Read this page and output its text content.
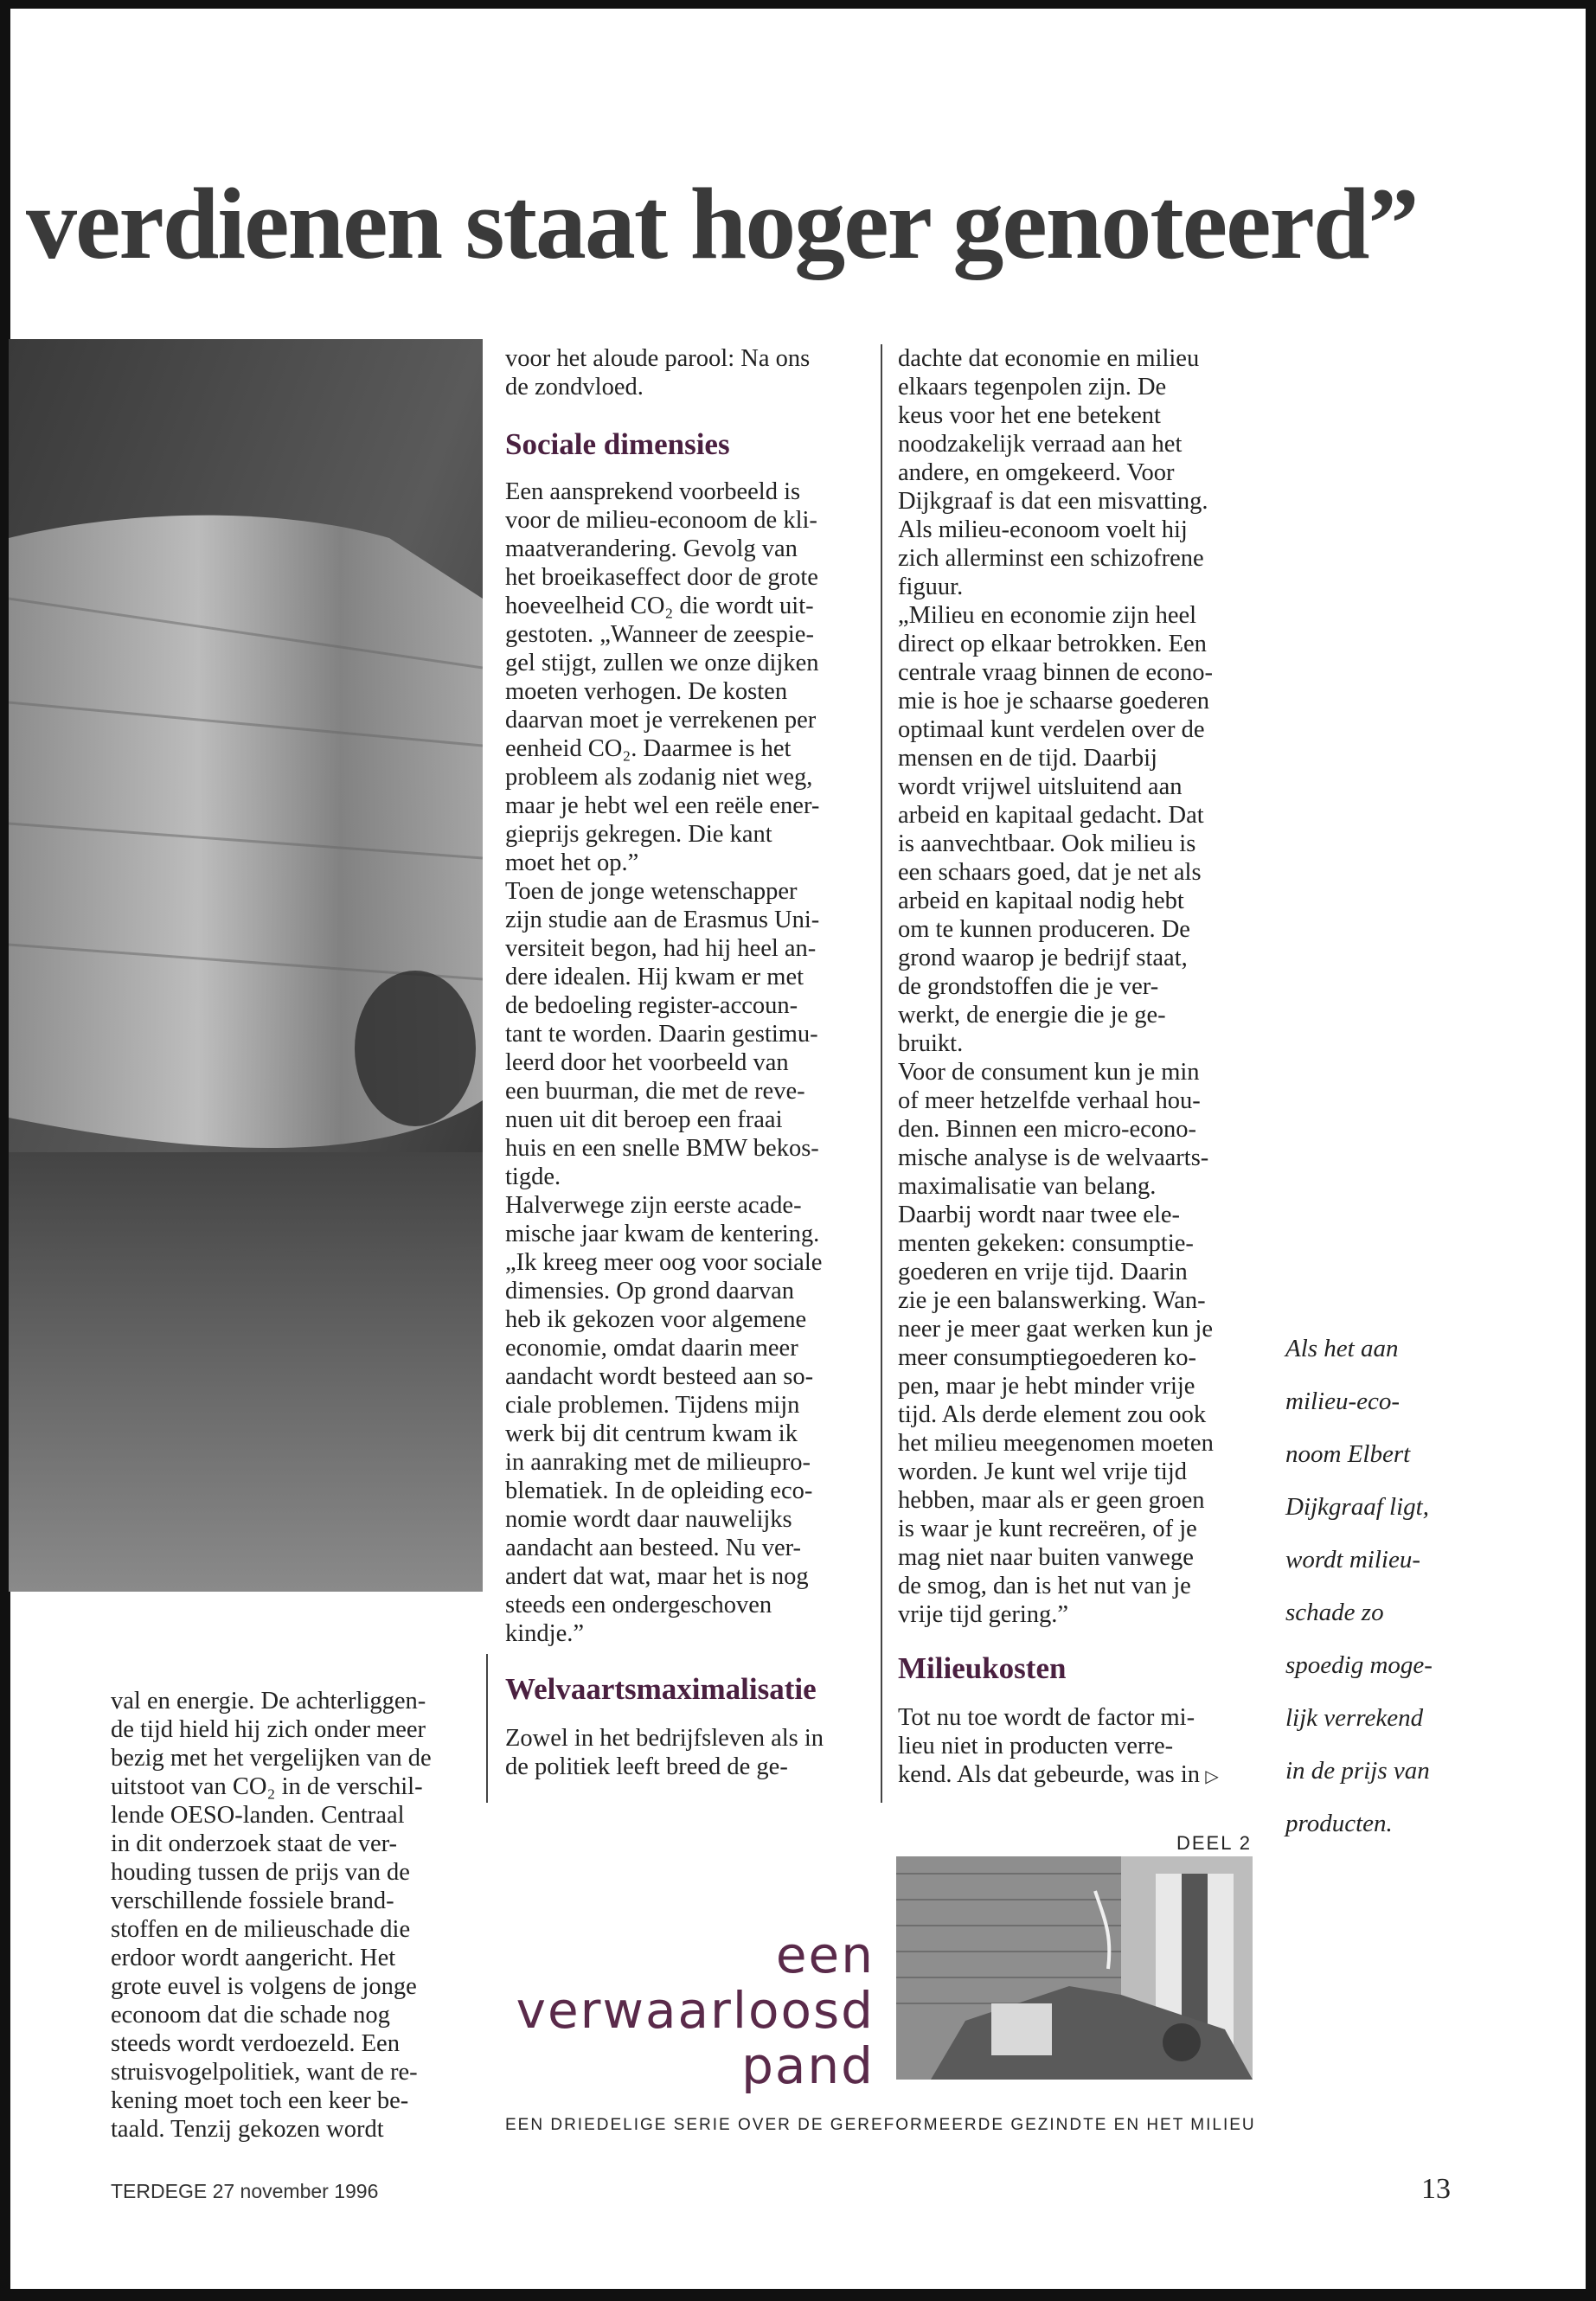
verdienen staat hoger genoteerd”

val en energie. De achterliggen-

de tijd hield hij zich onder meer

bezig met het vergelijken van de

uitstoot van CO₂ in de verschil-

lende OESO-landen. Centraal

in dit onderzoek staat de ver-

houding tussen de prijs van de

verschillende fossiele brand-

stoffen en de milieuschade die

erdoor wordt aangericht. Het

grote euvel is volgens de jonge

econoom dat die schade nog

steeds wordt verdoezeld. Een

struisvogelpolitiek, want de re-

kening moet toch een keer be-

taald. Tenzij gekozen wordt

voor het aloude parool: Na ons

de zondvloed.

Sociale dimensies

Een aansprekend voorbeeld is

voor de milieu-econoom de kli-

maatverandering. Gevolg van

het broeikaseffect door de grote

hoeveelheid CO₂ die wordt uit-

gestoten. „Wanneer de zeespie-

gel stijgt, zullen we onze dijken

moeten verhogen. De kosten

daarvan moet je verrekenen per

eenheid CO₂. Daarmee is het

probleem als zodanig niet weg,

maar je hebt wel een reële ener-

gieprijs gekregen. Die kant

moet het op.”

Toen de jonge wetenschapper

zijn studie aan de Erasmus Uni-

versiteit begon, had hij heel an-

dere idealen. Hij kwam er met

de bedoeling register-accoun-

tant te worden. Daarin gestimu-

leerd door het voorbeeld van

een buurman, die met de reve-

nuen uit dit beroep een fraai

huis en een snelle BMW bekos-

tigde.

Halverwege zijn eerste acade-

mische jaar kwam de kentering.

„Ik kreeg meer oog voor sociale

dimensies. Op grond daarvan

heb ik gekozen voor algemene

economie, omdat daarin meer

aandacht wordt besteed aan so-

ciale problemen. Tijdens mijn

werk bij dit centrum kwam ik

in aanraking met de milieupro-

blematiek. In de opleiding eco-

nomie wordt daar nauwelijks

aandacht aan besteed. Nu ver-

andert dat wat, maar het is nog

steeds een ondergeschoven

kindje.”

Welvaartsmaximalisatie

Zowel in het bedrijfsleven als in

de politiek leeft breed de ge-

dachte dat economie en milieu

elkaars tegenpolen zijn. De

keus voor het ene betekent

noodzakelijk verraad aan het

andere, en omgekeerd. Voor

Dijkgraaf is dat een misvatting.

Als milieu-econoom voelt hij

zich allerminst een schizofrene

figuur.

„Milieu en economie zijn heel

direct op elkaar betrokken. Een

centrale vraag binnen de econo-

mie is hoe je schaarse goederen

optimaal kunt verdelen over de

mensen en de tijd. Daarbij

wordt vrijwel uitsluitend aan

arbeid en kapitaal gedacht. Dat

is aanvechtbaar. Ook milieu is

een schaars goed, dat je net als

arbeid en kapitaal nodig hebt

om te kunnen produceren. De

grond waarop je bedrijf staat,

de grondstoffen die je ver-

werkt, de energie die je ge-

bruikt.

Voor de consument kun je min

of meer hetzelfde verhaal hou-

den. Binnen een micro-econo-

mische analyse is de welvaarts-

maximalisatie van belang.

Daarbij wordt naar twee ele-

menten gekeken: consumptie-

goederen en vrije tijd. Daarin

zie je een balanswerking. Wan-

neer je meer gaat werken kun je

meer consumptiegoederen ko-

pen, maar je hebt minder vrije

tijd. Als derde element zou ook

het milieu meegenomen moeten

worden. Je kunt wel vrije tijd

hebben, maar als er geen groen

is waar je kunt recreëren, of je

mag niet naar buiten vanwege

de smog, dan is het nut van je

vrije tijd gering.”

Milieukosten

Tot nu toe wordt de factor mi-

lieu niet in producten verre-

kend. Als dat gebeurde, was in ▷

Als het aan

milieu-eco-

noom Elbert

Dijkgraaf ligt,

wordt milieu-

schade zo

spoedig moge-

lijk verrekend

in de prijs van

producten.

DEEL 2
een
verwaarloosd
pand
EEN DRIEDELIGE SERIE OVER DE GEREFORMEERDE GEZINDTE EN HET MILIEU
TERDEGE 27 november 1996	13
